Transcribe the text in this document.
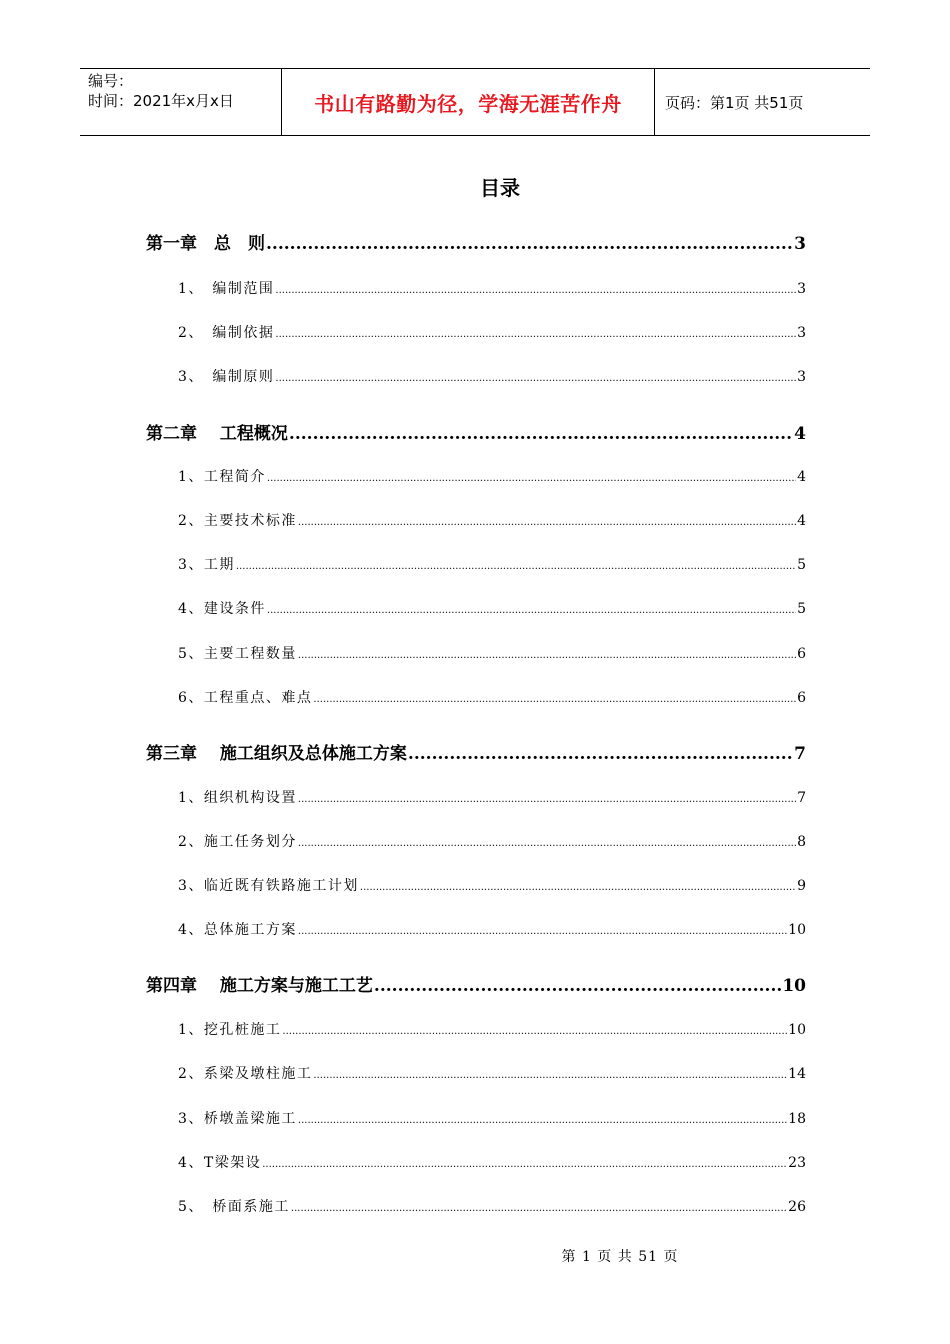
编号：
时间：2021年x月x日	书山有路勤为径，学海无涯苦作舟	页码：第1页 共51页
目录
第一章　总　则 .....	3
1、　编制范围 .....	3
2、　编制依据 .....	3
3、　编制原则 .....	3
第二章　 工程概况 .....	4
1、工程简介 .....	4
2、主要技术标准 .....	4
3、工期 .....	5
4、建设条件 .....	5
5、主要工程数量 .....	6
6、工程重点、难点 .....	6
第三章　 施工组织及总体施工方案 .....	7
1、组织机构设置 .....	7
2、施工任务划分 .....	8
3、临近既有铁路施工计划 .....	9
4、总体施工方案 .....	10
第四章　 施工方案与施工工艺 .....	10
1、挖孔桩施工 .....	10
2、系梁及墩柱施工 .....	14
3、桥墩盖梁施工 .....	18
4、T梁架设 .....	23
5、　桥面系施工 .....	26
第 1 页 共 51 页
